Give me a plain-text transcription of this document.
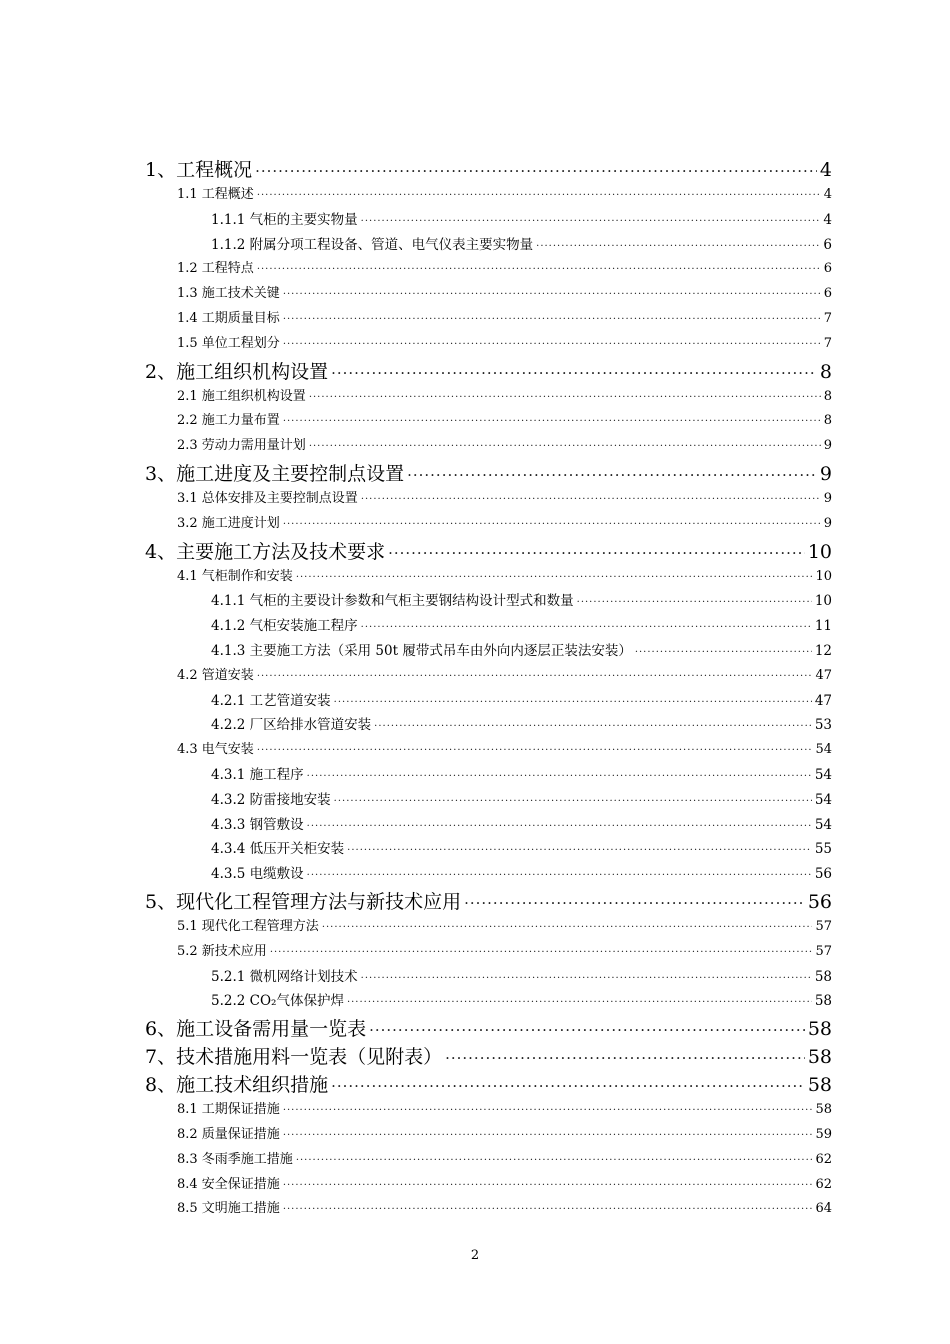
1、工程概况 ·····	4
1.1 工程概述 ·····	4
1.1.1 气柜的主要实物量 ·····	4
1.1.2 附属分项工程设备、管道、电气仪表主要实物量 ·····	6
1.2 工程特点 ·····	6
1.3 施工技术关键 ·····	6
1.4 工期质量目标 ·····	7
1.5 单位工程划分 ·····	7
2、施工组织机构设置 ·····	8
2.1 施工组织机构设置 ·····	8
2.2 施工力量布置 ·····	8
2.3 劳动力需用量计划 ·····	9
3、施工进度及主要控制点设置 ·····	9
3.1 总体安排及主要控制点设置 ·····	9
3.2 施工进度计划 ·····	9
4、主要施工方法及技术要求 ·····	10
4.1 气柜制作和安装 ·····	10
4.1.1 气柜的主要设计参数和气柜主要钢结构设计型式和数量 ·····	10
4.1.2 气柜安装施工程序 ·····	11
4.1.3 主要施工方法（采用 50t 履带式吊车由外向内逐层正装法安装） ·····	12
4.2 管道安装 ·····	47
4.2.1 工艺管道安装 ·····	47
4.2.2 厂区给排水管道安装 ·····	53
4.3 电气安装 ·····	54
4.3.1 施工程序 ·····	54
4.3.2 防雷接地安装 ·····	54
4.3.3 钢管敷设 ·····	54
4.3.4 低压开关柜安装 ·····	55
4.3.5 电缆敷设 ·····	56
5、现代化工程管理方法与新技术应用 ·····	56
5.1 现代化工程管理方法 ·····	57
5.2 新技术应用 ·····	57
5.2.1 微机网络计划技术 ·····	58
5.2.2 CO₂气体保护焊 ·····	58
6、施工设备需用量一览表 ·····	58
7、技术措施用料一览表（见附表） ·····	58
8、施工技术组织措施 ·····	58
8.1 工期保证措施 ·····	58
8.2 质量保证措施 ·····	59
8.3 冬雨季施工措施 ·····	62
8.4 安全保证措施 ·····	62
8.5 文明施工措施 ·····	64
2
